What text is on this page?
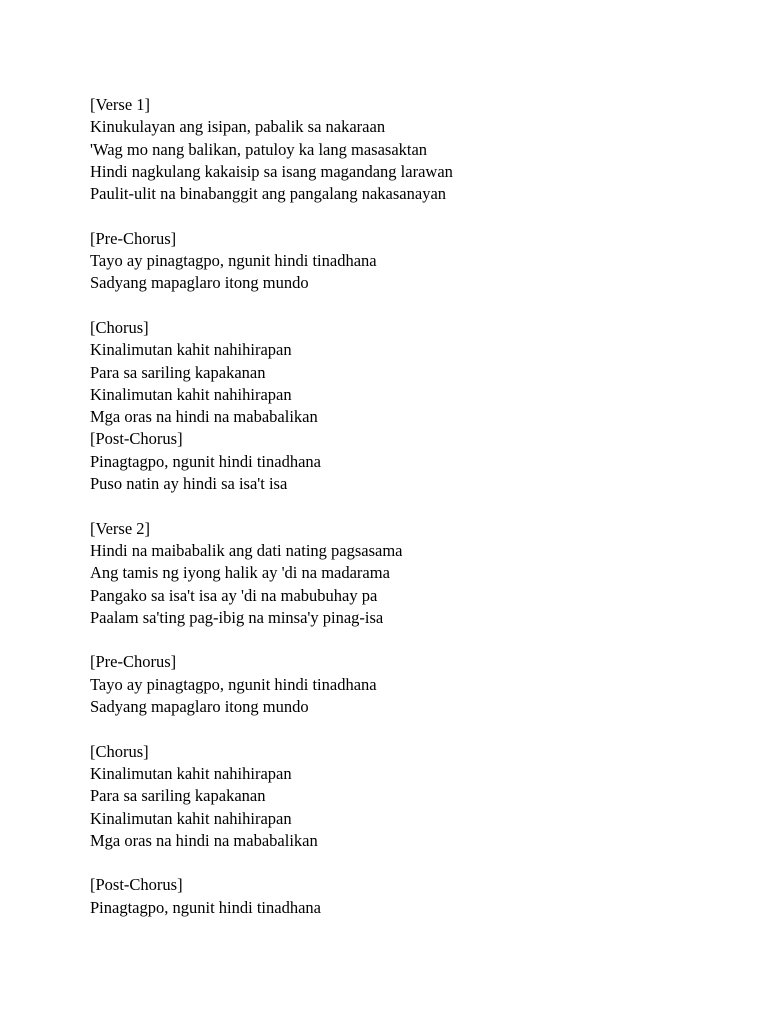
[Verse 1]
Kinukulayan ang isipan, pabalik sa nakaraan
'Wag mo nang balikan, patuloy ka lang masasaktan
Hindi nagkulang kakaisip sa isang magandang larawan
Paulit-ulit na binabanggit ang pangalang nakasanayan
[Pre-Chorus]
Tayo ay pinagtagpo, ngunit hindi tinadhana
Sadyang mapaglaro itong mundo
[Chorus]
Kinalimutan kahit nahihirapan
Para sa sariling kapakanan
Kinalimutan kahit nahihirapan
Mga oras na hindi na mababalikan
[Post-Chorus]
Pinagtagpo, ngunit hindi tinadhana
Puso natin ay hindi sa isa't isa
[Verse 2]
Hindi na maibabalik ang dati nating pagsasama
Ang tamis ng iyong halik ay 'di na madarama
Pangako sa isa't isa ay 'di na mabubuhay pa
Paalam sa'ting pag-ibig na minsa'y pinag-isa
[Pre-Chorus]
Tayo ay pinagtagpo, ngunit hindi tinadhana
Sadyang mapaglaro itong mundo
[Chorus]
Kinalimutan kahit nahihirapan
Para sa sariling kapakanan
Kinalimutan kahit nahihirapan
Mga oras na hindi na mababalikan
[Post-Chorus]
Pinagtagpo, ngunit hindi tinadhana
